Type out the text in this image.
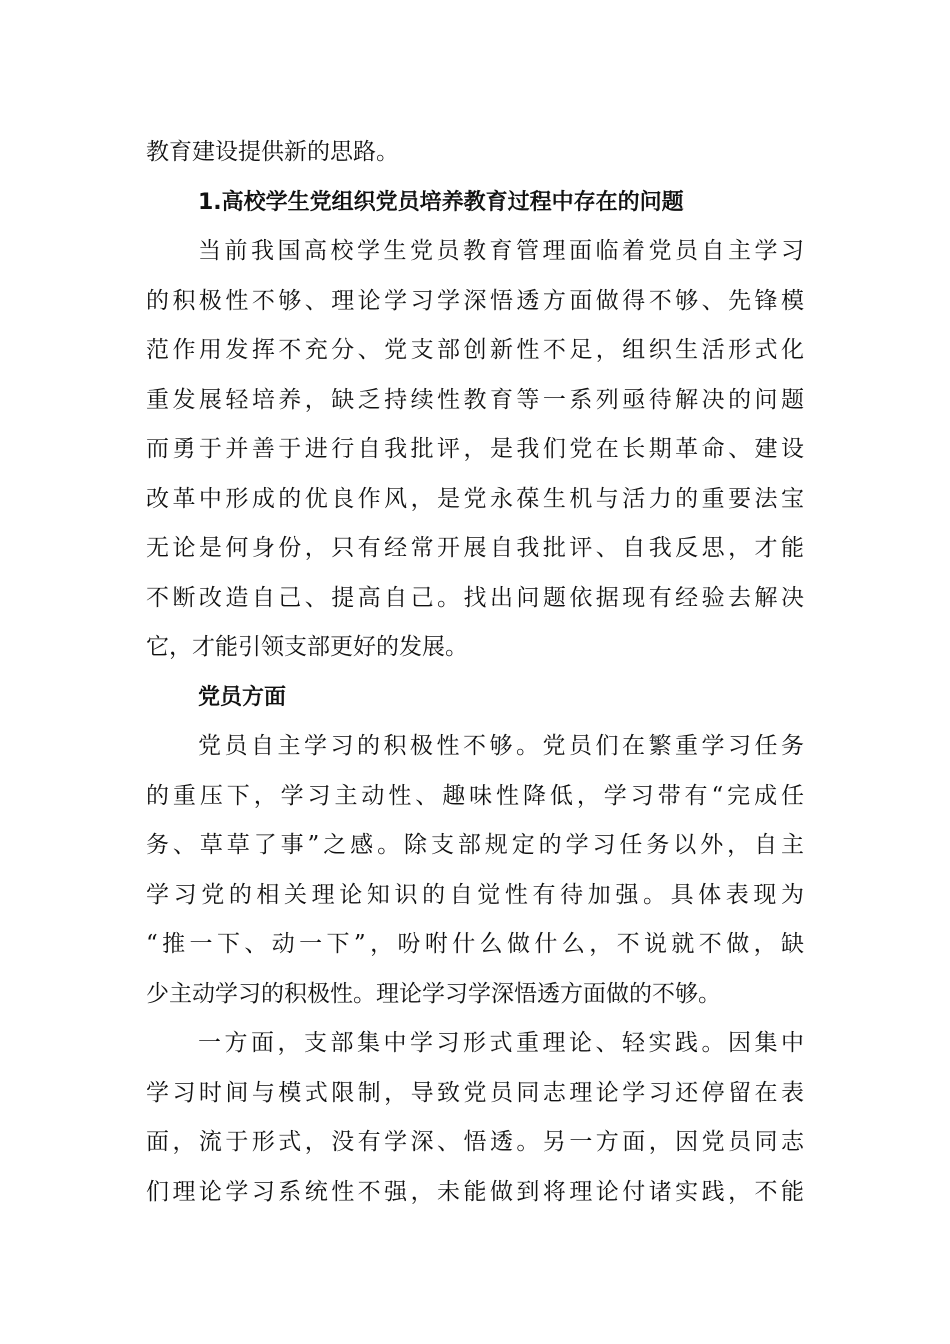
教育建设提供新的思路。
1.高校学生党组织党员培养教育过程中存在的问题
当前我国高校学生党员教育管理面临着党员自主学习
的积极性不够、理论学习学深悟透方面做得不够、先锋模
范作用发挥不充分、党支部创新性不足，组织生活形式化
重发展轻培养，缺乏持续性教育等一系列亟待解决的问题
而勇于并善于进行自我批评，是我们党在长期革命、建设
改革中形成的优良作风，是党永葆生机与活力的重要法宝
无论是何身份，只有经常开展自我批评、自我反思，才能
不断改造自己、提高自己。找出问题依据现有经验去解决
它，才能引领支部更好的发展。
党员方面
党员自主学习的积极性不够。党员们在繁重学习任务
的重压下，学习主动性、趣味性降低，学习带有“完成任
务、草草了事”之感。除支部规定的学习任务以外，自主
学习党的相关理论知识的自觉性有待加强。具体表现为
“推一下、动一下”，吩咐什么做什么，不说就不做，缺
少主动学习的积极性。理论学习学深悟透方面做的不够。
一方面，支部集中学习形式重理论、轻实践。因集中
学习时间与模式限制，导致党员同志理论学习还停留在表
面，流于形式，没有学深、悟透。另一方面，因党员同志
们理论学习系统性不强，未能做到将理论付诸实践，不能
